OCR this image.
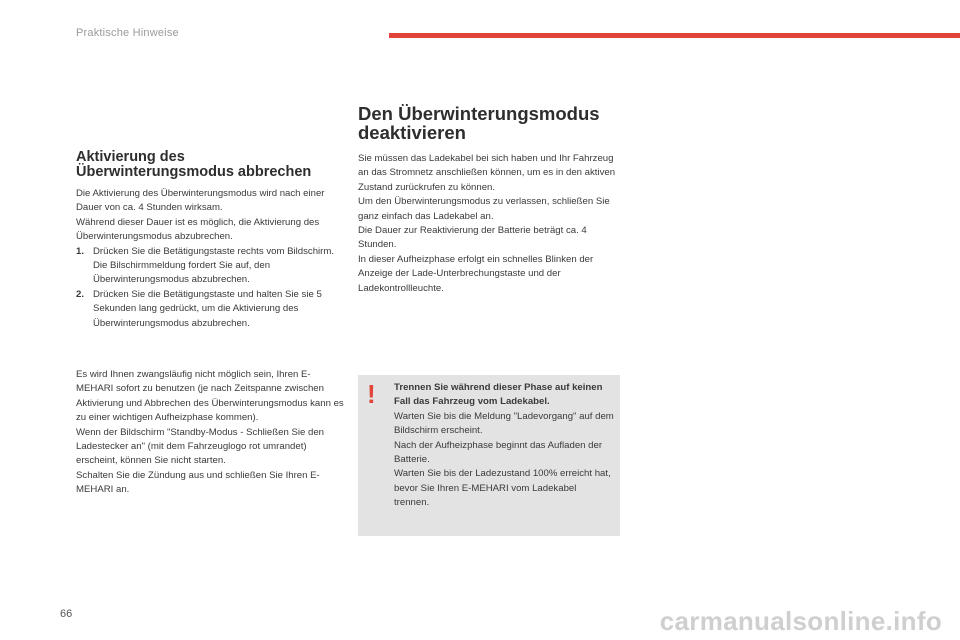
Praktische Hinweise
Aktivierung des
Überwinterungsmodus abbrechen

Die Aktivierung des Überwinterungsmodus wird nach einer Dauer von ca. 4 Stunden wirksam.

Während dieser Dauer ist es möglich, die Aktivierung des Überwinterungsmodus abzubrechen.

1. Drücken Sie die Betätigungstaste rechts vom Bildschirm. Die Bilschirmmeldung fordert Sie auf, den Überwinterungsmodus abzubrechen.
2. Drücken Sie die Betätigungstaste und halten Sie sie 5 Sekunden lang gedrückt, um die Aktivierung des Überwinterungsmodus abzubrechen.

Es wird Ihnen zwangsläufig nicht möglich sein, Ihren E-MEHARI sofort zu benutzen (je nach Zeitspanne zwischen Aktivierung und Abbrechen des Überwinterungsmodus kann es zu einer wichtigen Aufheizphase kommen).

Wenn der Bildschirm "Standby-Modus - Schließen Sie den Ladestecker an" (mit dem Fahrzeuglogo rot umrandet) erscheint, können Sie nicht starten.

Schalten Sie die Zündung aus und schließen Sie Ihren E-MEHARI an.

Den Überwinterungsmodus
deaktivieren

Sie müssen das Ladekabel bei sich haben und Ihr Fahrzeug an das Stromnetz anschließen können, um es in den aktiven Zustand zurückrufen zu können.

Um den Überwinterungsmodus zu verlassen, schließen Sie ganz einfach das Ladekabel an.

Die Dauer zur Reaktivierung der Batterie beträgt ca. 4 Stunden.

In dieser Aufheizphase erfolgt ein schnelles Blinken der Anzeige der Lade-Unterbrechungstaste und der Ladekontrollleuchte.

! Trennen Sie während dieser Phase auf keinen Fall das Fahrzeug vom Ladekabel.

Warten Sie bis die Meldung "Ladevorgang" auf dem Bildschirm erscheint.

Nach der Aufheizphase beginnt das Aufladen der Batterie.

Warten Sie bis der Ladezustand 100% erreicht hat, bevor Sie Ihren E-MEHARI vom Ladekabel trennen.

66	carmanualsonline.info
